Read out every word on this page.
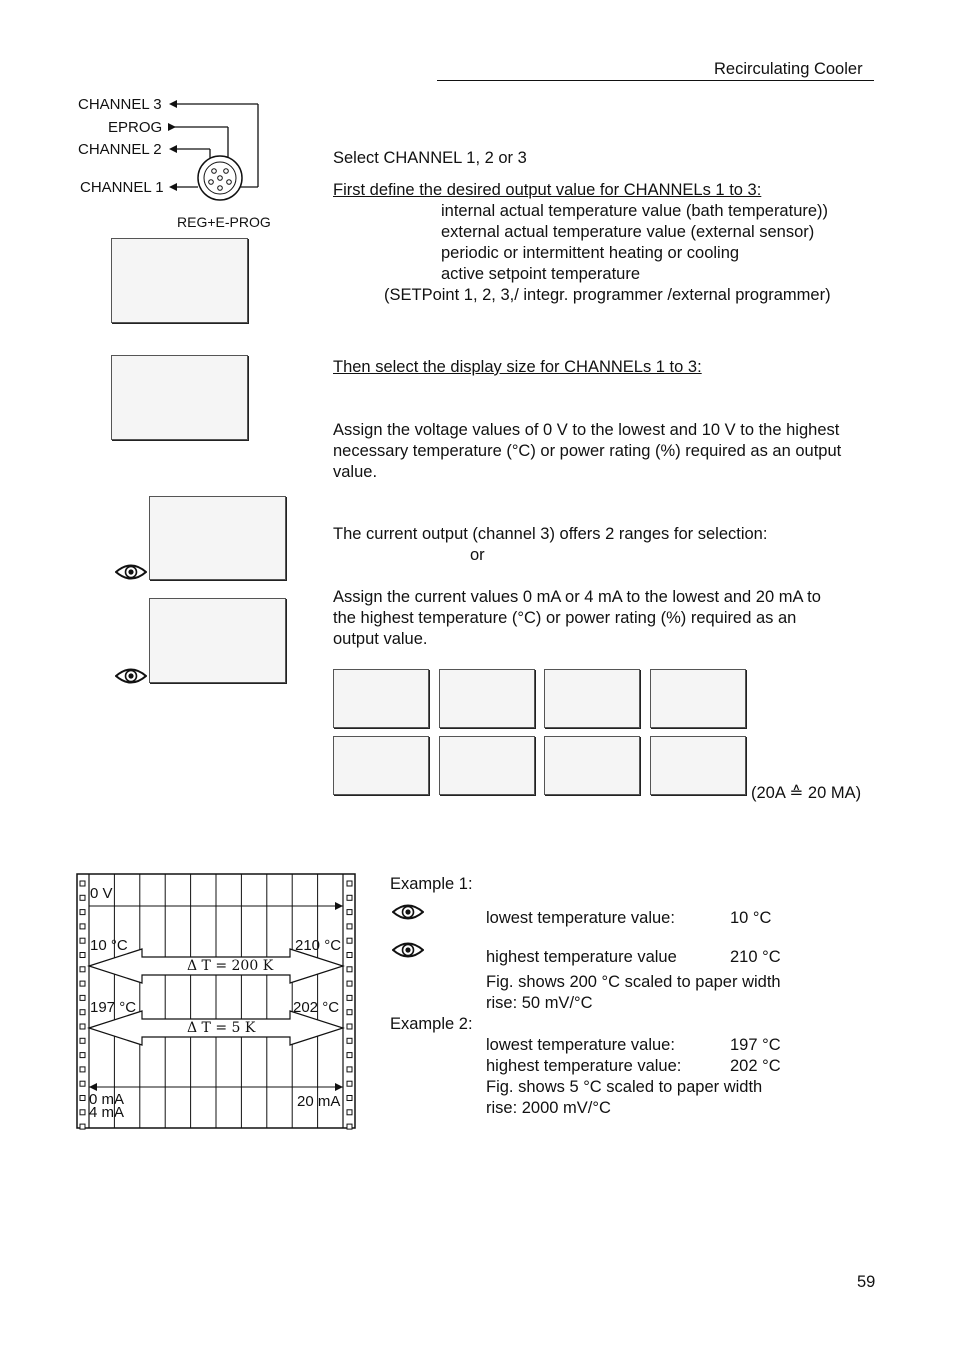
Recirculating Cooler
CHANNEL 3
EPROG
CHANNEL 2
CHANNEL 1
REG+E-PROG
Select CHANNEL 1, 2 or 3
First define the desired output value for CHANNELs 1 to 3:
internal actual temperature value (bath temperature))
external actual temperature value (external sensor)
periodic or intermittent heating or cooling
active setpoint temperature
(SETPoint 1, 2, 3,/ integr. programmer /external programmer)
Then select the display size for CHANNELs 1 to 3:
Assign the voltage values of 0 V to the lowest and 10 V to the highest
necessary temperature (°C) or power rating (%) required as an output
value.
The current output (channel 3) offers 2 ranges for selection:
or
Assign the current values 0 mA or 4 mA to the lowest and 20 mA to
the highest temperature (°C) or power rating (%) required as an
output value.
(20A ≙ 20 MA)
0 V
10 °C	210 °C
Δ T = 200 K
197 °C	202 °C
Δ T = 5 K
0 mA
4 mA
20 mA
Example 1:
lowest temperature value:	10 °C
highest temperature value	210 °C
Fig. shows 200 °C scaled to paper width
rise: 50 mV/°C
Example 2:
lowest temperature value:	197 °C
highest temperature value:	202 °C
Fig. shows 5 °C scaled to paper width
rise: 2000 mV/°C
59
